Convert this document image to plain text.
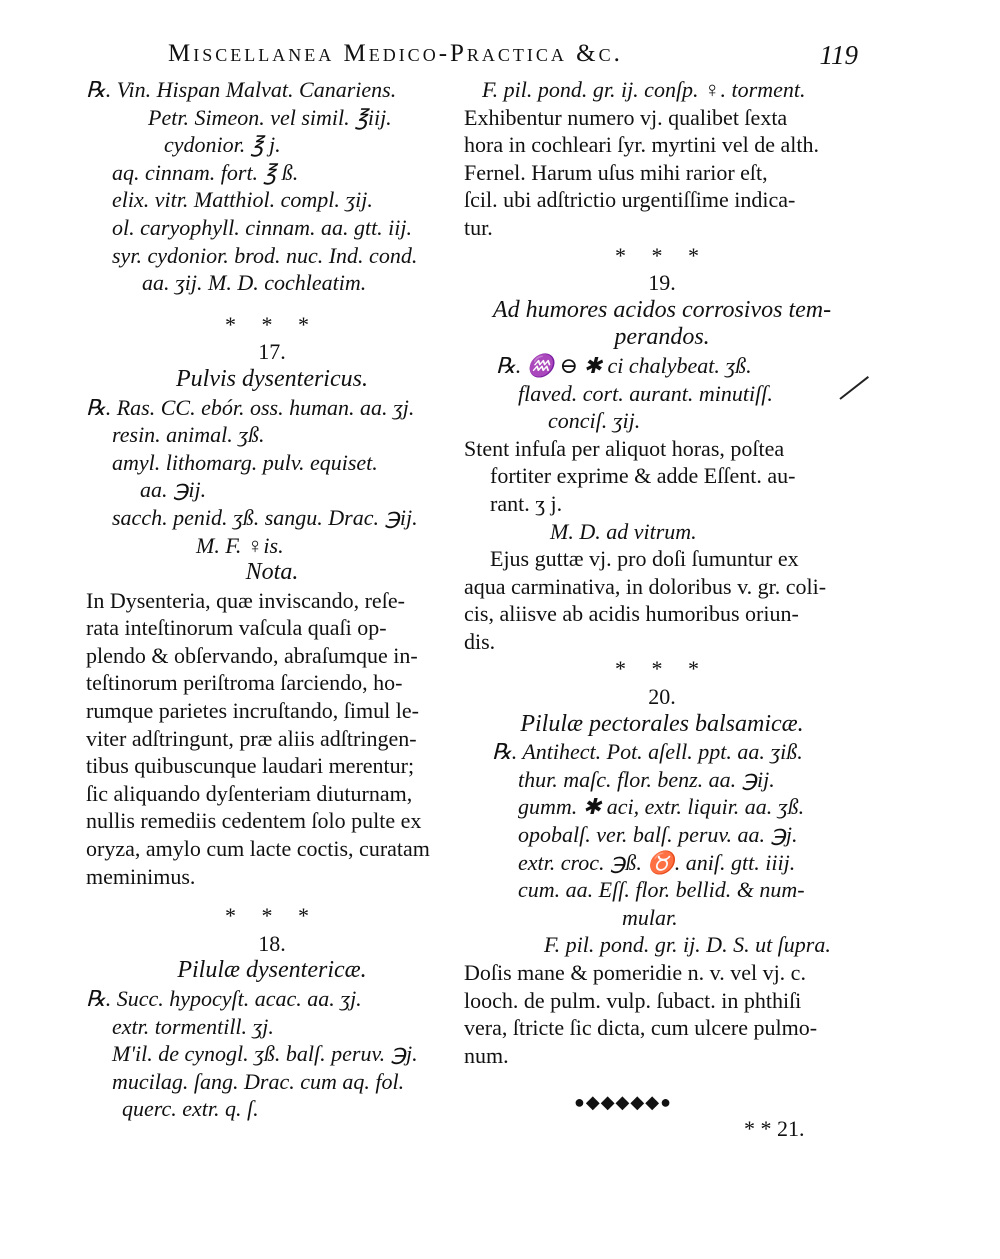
Miscellanea Medico-Practica &c.	119
℞. Vin. Hispan Malvat. Canariens.
Petr. Simeon. vel simil. ℥iij.
cydonior. ℥ j.
aq. cinnam. fort. ℥ ß.
elix. vitr. Matthiol. compl. ʒij.
ol. caryophyll. cinnam. aa. gtt. iij.
syr. cydonior. brod. nuc. Ind. cond.
aa. ʒij. M. D. cochleatim.
* * *
17.
Pulvis dysentericus.
℞. Ras. CC. ebór. oss. human. aa. ʒj.
resin. animal. ʒß.
amyl. lithomarg. pulv. equiset.
aa. ℈ij.
sacch. penid. ʒß. sangu. Drac. ℈ij.
M. F. ♀is.
Nota.
In Dysenteria, quæ inviscando, reſe-
rata inteſtinorum vaſcula quaſi op-
plendo & obſervando, abraſumque in-
teſtinorum periſtroma ſarciendo, ho-
rumque parietes incruſtando, ſimul le-
viter adſtringunt, præ aliis adſtringen-
tibus quibuscunque laudari merentur;
ſic aliquando dyſenteriam diuturnam,
nullis remediis cedentem ſolo pulte ex
oryza, amylo cum lacte coctis, curatam
meminimus.
* * *
18.
Pilulæ dysentericæ.
℞. Succ. hypocyſt. acac. aa. ʒj.
extr. tormentill. ʒj.
M'il. de cynogl. ʒß. balſ. peruv. ℈j.
mucilag. ſang. Drac. cum aq. fol.
querc. extr. q. ſ.
F. pil. pond. gr. ij. conſp. ♀. torment.
Exhibentur numero vj. qualibet ſexta
hora in cochleari ſyr. myrtini vel de alth.
Fernel. Harum uſus mihi rarior eſt,
ſcil. ubi adſtrictio urgentiſſime indica-
tur.
* * *
19.
Ad humores acidos corrosivos tem-
perandos.
℞. ♒ ⊖ ✱ ci chalybeat. ʒß.
flaved. cort. aurant. minutiſſ.
conciſ. ʒij.
Stent infuſa per aliquot horas, poſtea
fortiter exprime & adde Eſſent. au-
rant. ʒ j.
M. D. ad vitrum.
Ejus guttæ vj. pro doſi ſumuntur ex
aqua carminativa, in doloribus v. gr. coli-
cis, aliisve ab acidis humoribus oriun-
dis.
* * *
20.
Pilulæ pectorales balsamicæ.
℞. Antihect. Pot. aſell. ppt. aa. ʒiß.
thur. maſc. flor. benz. aa. ℈ij.
gumm. ✱ aci, extr. liquir. aa. ʒß.
opobalſ. ver. balſ. peruv. aa. ℈j.
extr. croc. ℈ß. ♉. aniſ. gtt. iiij.
cum. aa. Eſſ. flor. bellid. & num-
mular.
F. pil. pond. gr. ij. D. S. ut ſupra.
Doſis mane & pomeridie n. v. vel vj. c.
looch. de pulm. vulp. ſubact. in phthiſi
vera, ſtricte ſic dicta, cum ulcere pulmo-
num.
●◆◆◆◆◆●
* * 21.
